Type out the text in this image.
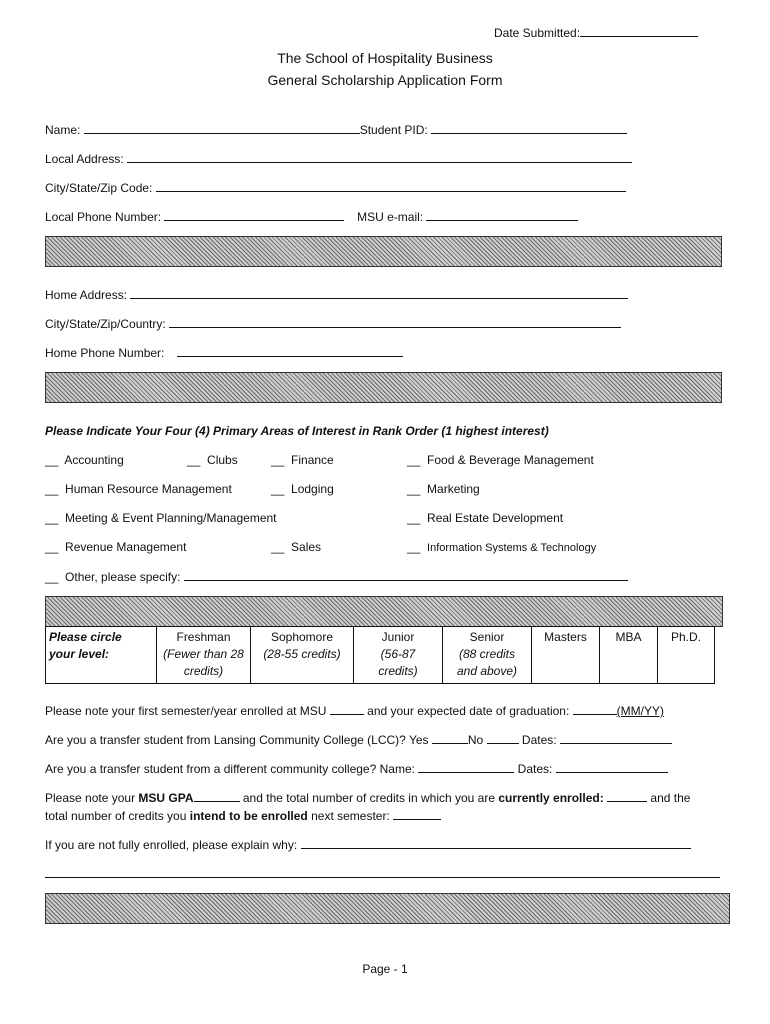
Date Submitted:
The School of Hospitality Business
General Scholarship Application Form
Name:	Student PID:
Local Address:
City/State/Zip Code:
Local Phone Number:	MSU e-mail:
Home Address:
City/State/Zip/Country:
Home Phone Number:
Please Indicate Your Four (4) Primary Areas of Interest in Rank Order (1 highest interest)
__ Accounting	__ Clubs	__ Finance	__ Food & Beverage Management
__ Human Resource Management	__ Lodging	__ Marketing
__ Meeting & Event Planning/Management	__ Real Estate Development
__ Revenue Management	__ Sales	__ Information Systems & Technology
__ Other, please specify:
Please circle
your level:	Freshman
(Fewer than 28
credits)
	Sophomore
(28-55 credits)
	Junior
(56-87
credits)
	Senior
(88 credits
and above)
	Masters	MBA	Ph.D.
Please note your first semester/year enrolled at MSU	and your expected date of graduation:	(MM/YY)
Are you a transfer student from Lansing Community College (LCC)? Yes	No	Dates:
Are you a transfer student from a different community college? Name:	Dates:
Please note your MSU GPA	and the total number of credits in which you are currently enrolled:	and the
total number of credits you intend to be enrolled next semester:
If you are not fully enrolled, please explain why:
Page - 1
